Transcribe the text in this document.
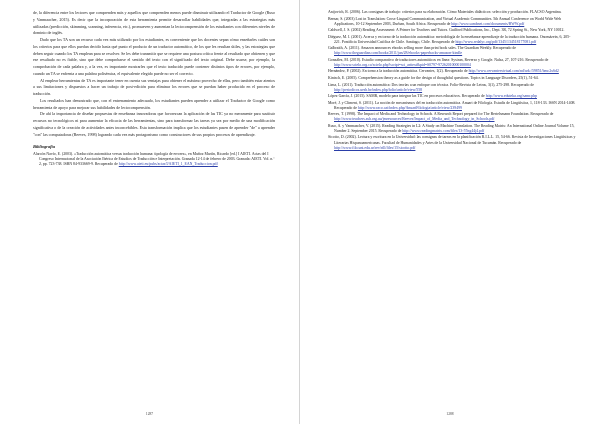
de, la diferencia entre los lectores que comprenden más y aquellos que comprenden menos puede disminuir utilizando el Traductor de Google (Ruso y Vanmaacher, 2015). Es decir que la incorporación de esta herramienta permite desarrollar habilidades que, integradas a las estrategias más utilizadas (predicción, skimming, scanning, inferencia, etc.), promueven y aumentan la lectocomprensión de los estudiantes con diferentes niveles de dominio de inglés.

Dado que los TA son un recurso cada vez más utilizado por los estudiantes, es conveniente que los docentes sepan cómo enseñarles cuáles son los criterios para que ellos puedan decidir hasta qué punto el producto de un traductor automático, de los que les resultan útiles, y las estrategias que deben seguir cuando los TA emplean para se resolver. Se les debe transmitir que se requiere una postura crítica frente al resultado que obtienen y que ese resultado no es fiable, sino que debe comprobarse el sentido del texto con el significado del texto original. Debe usarse, por ejemplo, la comprobación de cada palabra y, a la vez, es importante mostrarles que el texto traducido puede contener distintos tipos de errores, por ejemplo, cuando un TA se enfrenta a una palabra polisémica, el equivalente elegido puede no ser el correcto.

Al emplear herramientas de TA es importante tener en cuenta sus ventajas para obtener el máximo provecho de ellas, pero también estar atentos a sus limitaciones y dispuestos a hacer un trabajo de post-edición para eliminar los errores que se puedan haber producido en el proceso de traducción.

Los resultados han demostrado que, con el entrenamiento adecuado, los estudiantes pueden aprender a utilizar el Traductor de Google como herramienta de apoyo para mejorar sus habilidades de lectocomprensión.

De ahí la importancia de diseñar propuestas de enseñanza innovadoras que favorezcan la aplicación de las TIC ya no meramente para sustituir recursos no tecnológicos ni para aumentar la eficacia de las herramientas, sino para transformar las tareas ya sea por medio de una modificación significativa o de la creación de actividades antes inconcebibles. Esta transformación implica que los estudiantes pasen de aprender "de" a aprender "con" las computadoras (Reeves, 1998) logrando cada vez más protagonismo como constructores de sus propios procesos de aprendizaje.

Bibliografía
Alarcón Navío, E. (2003). «Traducción automática versus traducción humana: tipología de errores», en Muñoz Martín, Ricardo [ed.] I AIETI. Actas del I Congreso Internacional de la Asociación Ibérica de Estudios de Traducción e Interpretación. Granada 12-14 de febrero de 2003. Granada: AIETI. Vol. n.º 2, pp. 723-738. ISBN 84-933669-9. Recuperado de http://www.aieti.eu/pubs/actas/I/AIETI_1_EAN_Traduccion.pdf
1287
Anijovich, R. (2006). Las consignas de trabajo: criterios para su elaboración. Cómo Materiales didácticos: selección y producción. FLACSO Argentina.
Bernar, S. (2003) Lost in Translation: Cross-Lingual Communication, and Virtual Academic Communities. 5th Annual Conference on World Wide Web Applications, 10-12 September 2003, Durban, South Africa. Recuperado de http://www.sambnet.com/documents/BWW.pdf
Caldwell, J. S. (2002) Reading Assessment: A Primer for Teachers and Tutors. Guilford Publications, Inc., Dept. 3R, 72 Spring St., New York, NY 10012.
Diéguez, M. I. (2001). Acerca y en torno de la traducción automática: metodología de la enseñanza-aprendizaje de la traducción humana. Onomázein, 6, 205-221. Pontificia Universidad Católica de Chile. Santiago, Chile. Recuperado de http://www.redalyc.org/pdf/1345/134518177081.pdf
Galbraith, A. (2011). Amazon announces ebooks selling more than print book sales. The Guardian Weekly. Recuperado de http://www.theguardian.com/books/2011/jan/28/ebooks-paperbacks-amazon-kindle
González, M. (2010). Estudio comparativo de traductores automáticos en línea: Systran, Reverso y Google. Nalsa, 27, 107-216. Recuperado de http://www.scielo.org.co/scielo.php?script=sci_arttext&pid=S0797-97262010000100004
Hernández, P. (2002). En torno a la traducción automática. Cervantes, 1(2). Recuperado de http://www.cervantesvirtual.com/nd/ark:/59851/bmc2x6d2
Kintsch, E. (2005). Comprehension theory as a guide for the design of thoughtful questions. Topics in Language Disorders, 25(1), 51-64.
Lima, L. (2011). Traducción automática: Dos teorías a un enfoque con técnica. Folio-Revista de Letras, 3(1), 275-298. Recuperado de http://periodicos.uesb.br/index.php/folio/article/view/558
López García, J. (2015). SAMR, modelo para integrar las TIC en procesos educativos. Recuperado de http://www.eduteka.org/samr.php
Moré, J. y Climent, S. (2011). La noción de mecanismos del en traducción automática. Anuari de Filología. Estudis de Lingüística, 1, 118-133. ISSN 2014-1408. Recuperado de http://www.raco.cat/index.php/AnuariFilologia/article/view/239499
Reeves, T. (1998). The Impact of Media and Technology in Schools. A Research Report prepared for The Bertelsmann Foundation. Recuperado de http://www.teachers.ash.org.au/jmresources/Reeves/Impact_of_Media_and_Technology_in_Schools.pdf
Ruso, A. y Vanmaacher, V. (2015). Reading Strategies in L2: A Study on Machine Translation. The Reading Matrix: An International Online Journal Volume 15, Number 2. September 2015. Recuperado de http://www.readingmatrix.com/files/13-57ng44j4.pdf
Sicotto, D. (2002). Lectura y escritura en la Universidad: las consignas de tareas en la planificación R.I.L.L. 15, 54-66. Revista de Investigaciones Lingüísticas y Literarias Hispanoamericanas. Facultad de Humanidades y Artes de la Universidad Nacional de Tucumán. Recuperado de http://www.filo.unt.edu.ar/rev/rill/files/15/sicotto.pdf
1288
